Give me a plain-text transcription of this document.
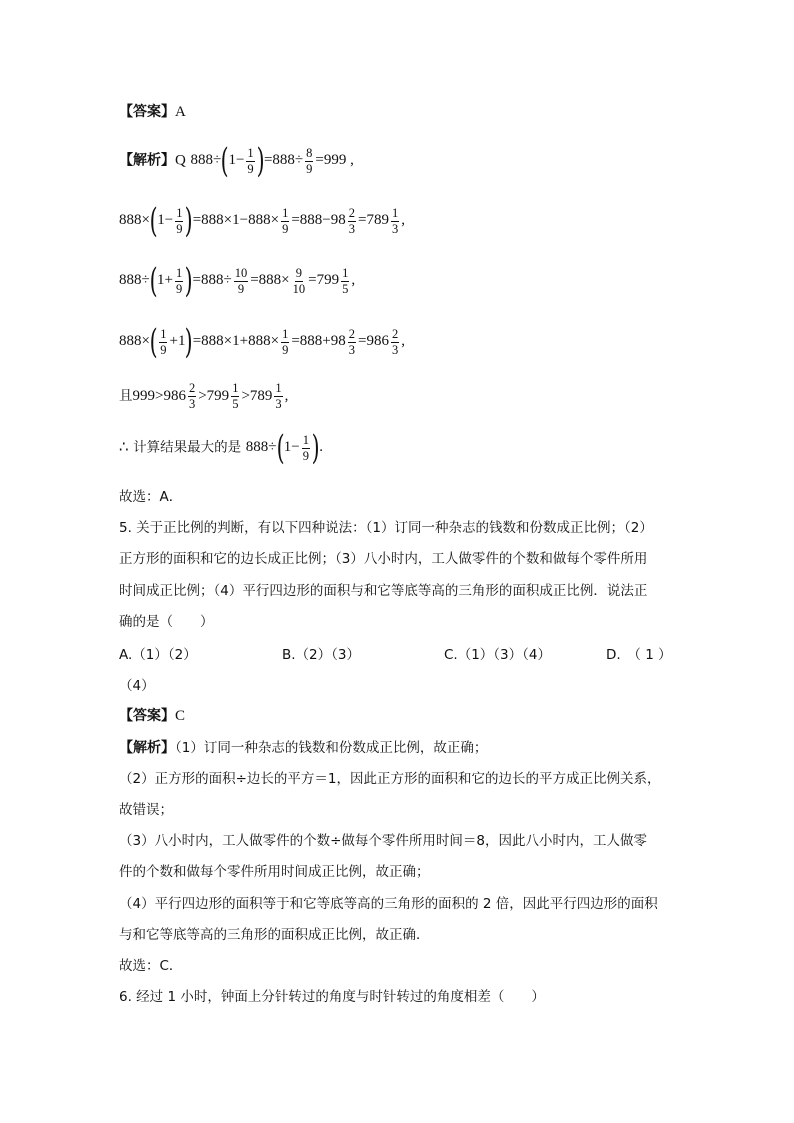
【答案】A
【解析】Q $888\div(1- \frac{1}{9} )=888\div \frac{8}{9} =999$ ,
$888\times(1- \frac{1}{9} )=888\times 1-888\times \frac{1}{9} =888-98 \frac{2}{3} =789 \frac{1}{3}$ ,
$888\div(1+ \frac{1}{9} )=888\div \frac{10}{9} =888\times \frac{9}{10} =799 \frac{1}{5}$ ,
$888\times( \frac{1}{9} +1)=888\times 1+888\times \frac{1}{9} =888+98 \frac{2}{3} =986 \frac{2}{3}$ ,
且$999>986 \frac{2}{3} >799 \frac{1}{5} >789 \frac{1}{3}$ ,
∴ 计算结果最大的是 $888\div(1- \frac{1}{9}$ ).
故选：A．
5. 关于正比例的判断，有以下四种说法：（1）订同一种杂志的钱数和份数成正比例；（2）
正方形的面积和它的边长成正比例；（3）八小时内，工人做零件的个数和做每个零件所用
时间成正比例；（4）平行四边形的面积与和它等底等高的三角形的面积成正比例．说法正
确的是（　　）
A.（1）（2）	B.（2）（3）	C.（1）（3）（4）	D.　（ 1 ）
（4）
【答案】C
【解析】（1）订同一种杂志的钱数和份数成正比例，故正确；
（2）正方形的面积÷边长的平方＝1，因此正方形的面积和它的边长的平方成正比例关系，
故错误；
（3）八小时内，工人做零件的个数÷做每个零件所用时间＝8，因此八小时内，工人做零
件的个数和做每个零件所用时间成正比例，故正确；
（4）平行四边形的面积等于和它等底等高的三角形的面积的 2 倍，因此平行四边形的面积
与和它等底等高的三角形的面积成正比例，故正确．
故选：C．
6. 经过 1 小时，钟面上分针转过的角度与时针转过的角度相差（　　）
